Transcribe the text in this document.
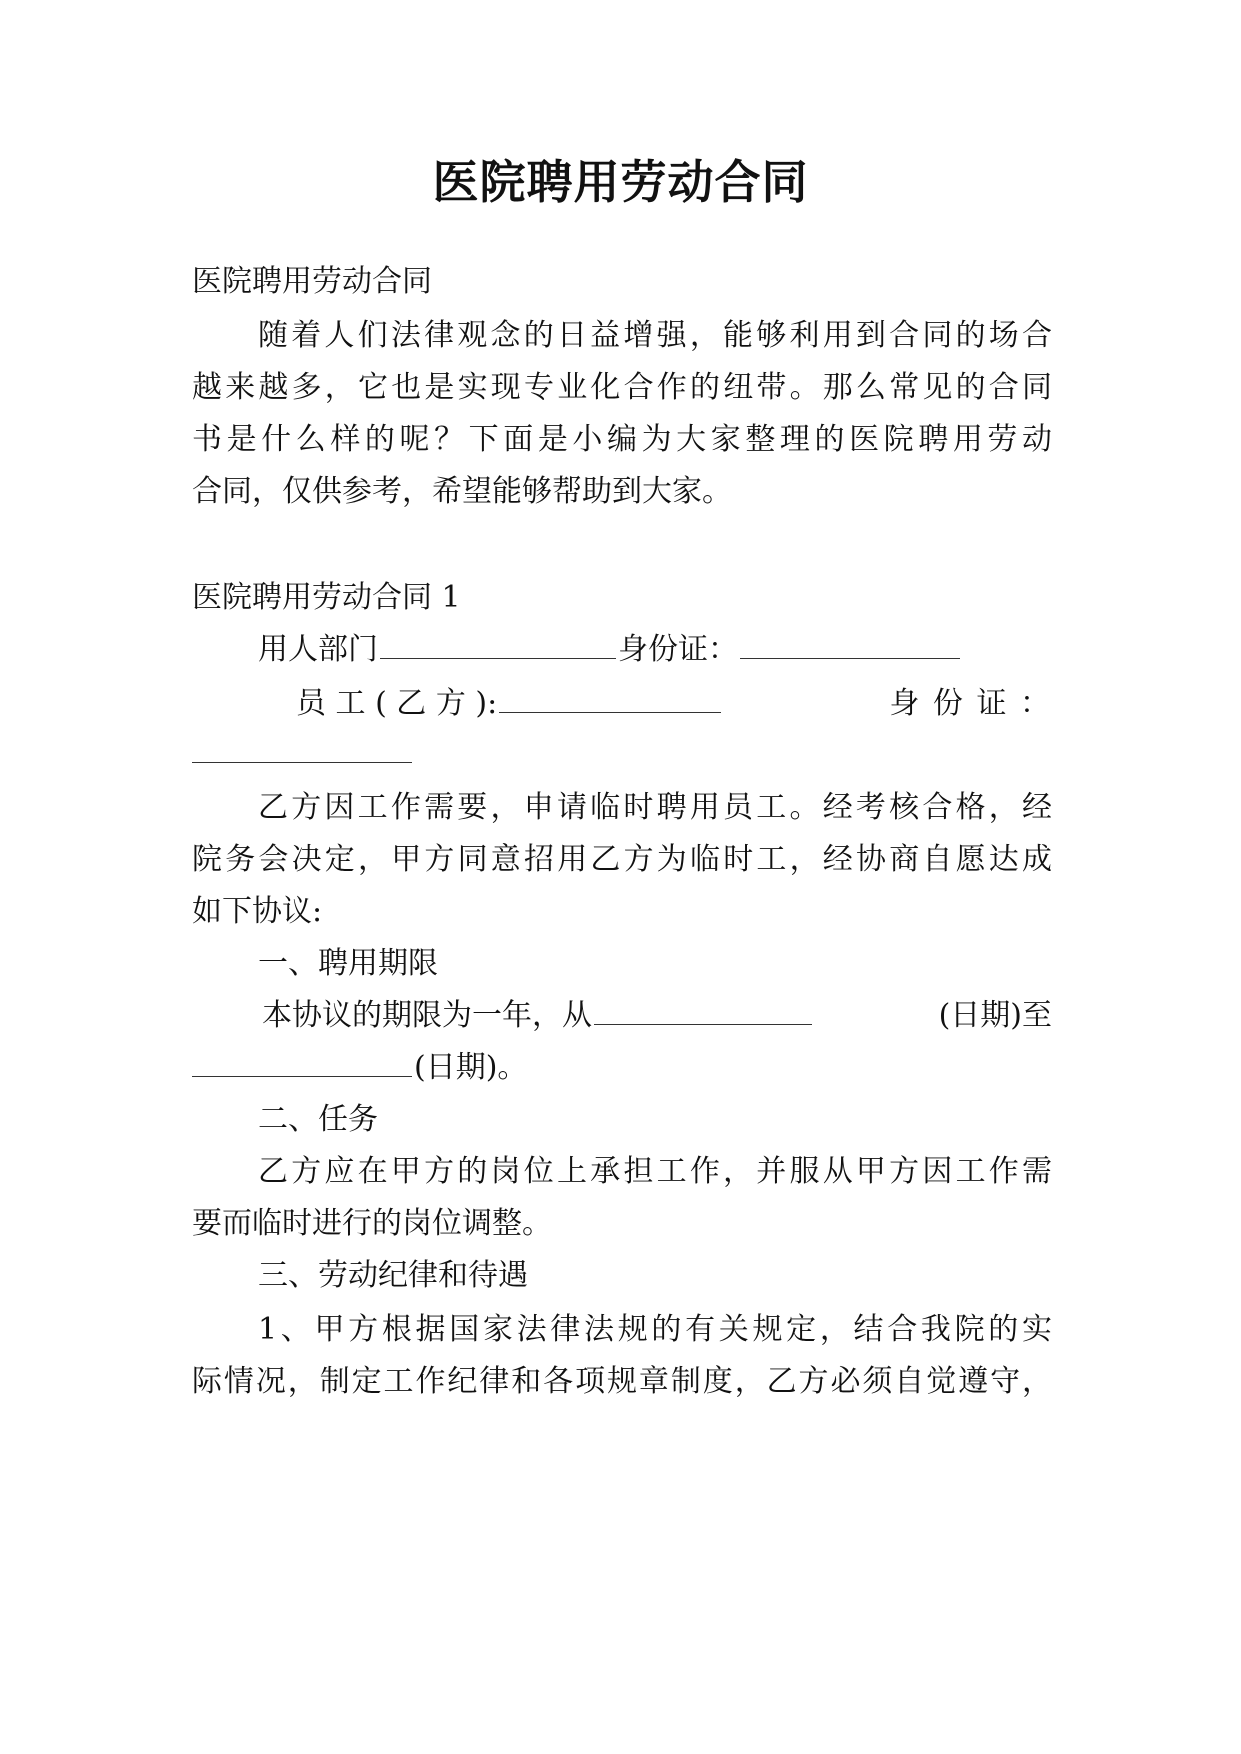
医院聘用劳动合同
医院聘用劳动合同
随着人们法律观念的日益增强，能够利用到合同的场合
越来越多，它也是实现专业化合作的纽带。那么常见的合同
书是什么样的呢？下面是小编为大家整理的医院聘用劳动
合同，仅供参考，希望能够帮助到大家。
医院聘用劳动合同 1
用人部门	身份证：
员 工 ( 乙 方 ):	身 份 证 ：
乙方因工作需要，申请临时聘用员工。经考核合格，经
院务会决定，甲方同意招用乙方为临时工，经协商自愿达成
如下协议:
一、聘用期限
本协议的期限为一年，从	(日期)至
(日期)。
二、任务
乙方应在甲方的岗位上承担工作，并服从甲方因工作需
要而临时进行的岗位调整。
三、劳动纪律和待遇
1、甲方根据国家法律法规的有关规定，结合我院的实
际情况，制定工作纪律和各项规章制度，乙方必须自觉遵守，
